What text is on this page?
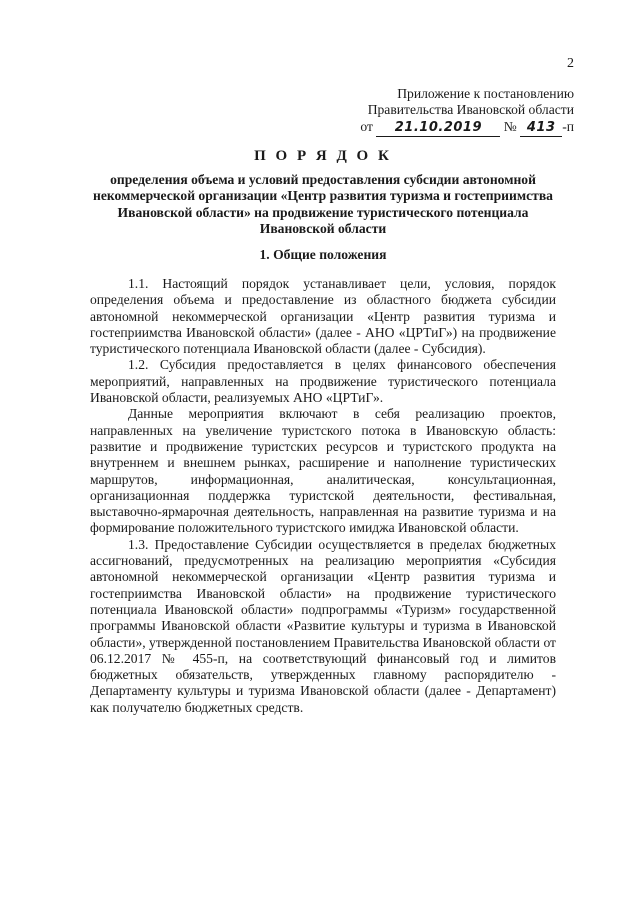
2
Приложение к постановлению
Правительства Ивановской области
от 21.10.2019 № 413 -п
П О Р Я Д О К
определения объема и условий предоставления субсидии автономной некоммерческой организации «Центр развития туризма и гостеприимства Ивановской области» на продвижение туристического потенциала Ивановской области
1. Общие положения

1.1. Настоящий порядок устанавливает цели, условия, порядок определения объема и предоставление из областного бюджета субсидии автономной некоммерческой организации «Центр развития туризма и гостеприимства Ивановской области» (далее - АНО «ЦРТиГ») на продвижение туристического потенциала Ивановской области (далее - Субсидия).

1.2. Субсидия предоставляется в целях финансового обеспечения мероприятий, направленных на продвижение туристического потенциала Ивановской области, реализуемых АНО «ЦРТиГ».

Данные мероприятия включают в себя реализацию проектов, направленных на увеличение туристского потока в Ивановскую область: развитие и продвижение туристских ресурсов и туристского продукта на внутреннем и внешнем рынках, расширение и наполнение туристических маршрутов, информационная, аналитическая, консультационная, организационная поддержка туристской деятельности, фестивальная, выставочно-ярмарочная деятельность, направленная на развитие туризма и на формирование положительного туристского имиджа Ивановской области.

1.3. Предоставление Субсидии осуществляется в пределах бюджетных ассигнований, предусмотренных на реализацию мероприятия «Субсидия автономной некоммерческой организации «Центр развития туризма и гостеприимства Ивановской области» на продвижение туристического потенциала Ивановской области» подпрограммы «Туризм» государственной программы Ивановской области «Развитие культуры и туризма в Ивановской области», утвержденной постановлением Правительства Ивановской области от 06.12.2017 № 455-п, на соответствующий финансовый год и лимитов бюджетных обязательств, утвержденных главному распорядителю - Департаменту культуры и туризма Ивановской области (далее - Департамент) как получателю бюджетных средств.
